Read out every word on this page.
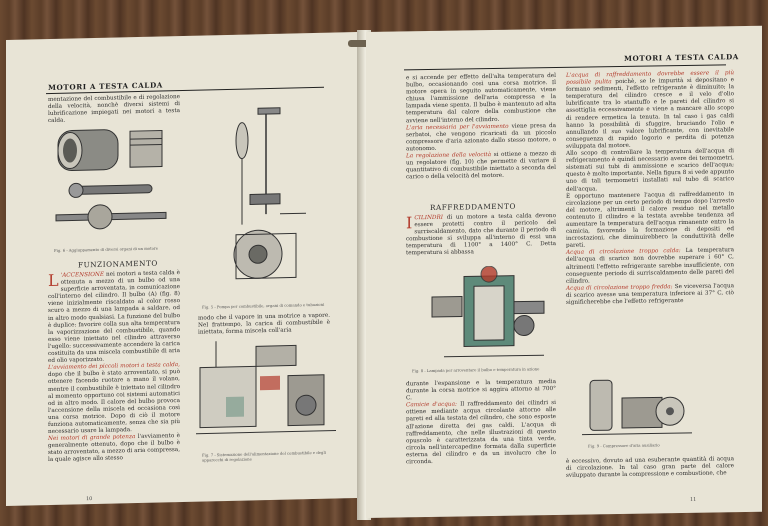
MOTORI A TESTA CALDA

mentazione del combustibile e di regolazione della velocità, nonchè diversi sistemi di lubrificazione impiegati nei motori a testa calda.

Fig. 6 - Aggiuppamento di diversi organi di un motore
FUNZIONAMENTO

L 'ACCENSIONE nei motori a testa calda è ottenuta a mezzo di un bulbo od una superficie arroventata, in comunicazione coll'interno del cilindro. Il bulbo (A) (fig. 8) viene inizialmente riscaldato al color rosso scuro a mezzo di una lampada a saldare, od in altro modo qualsiasi. La funzione del bulbo è duplice: favorire colla sua alta temperatura la vaporizzazione del combustibile, quando esso viene iniettato nel cilindro attraverso l'ugello: successivamente accendere la carica costituita da una miscela combustibile di aria ed olio vaporizzato.

L'avviamento dei piccoli motori a testa calda, dopo che il bulbo è stato arroventato, si può ottenere facendo ruotare a mano il volano, mentre il combustibile è iniettato nel cilindro al momento opportuno coi sistemi automatici od in altro modo. Il calore del bulbo provoca l'accensione della miscela ed occasiona così una corsa motrice. Dopo di ciò il motore funziona automaticamente, senza che sia più necessario usare la lampada.

Nei motori di grande potenza l'avviamento è generalmente ottenuto, dopo che il bulbo è stato arroventato, a mezzo di aria compressa, la quale agisce allo stesso

Fig. 5 - Pompa per combustibile, organi di comando e tubazioni

modo che il vapore in una motrice a vapore. Nel frattempo, la carica di combustibile è iniettata, forma miscela coll'aria

Fig. 7 - Sistemazione dell'alimentazione del combustibile e degli apparecchi di regolazione
10
MOTORI A TESTA CALDA

e si accende per effetto dell'alta temperatura del bulbo, occasionando così una corsa motrice. Il motore opera in seguito automaticamente, viene chiusa l'ammissione dell'aria compressa e la lampada viene spenta. Il bulbo è mantenuto ad alta temperatura dal calore della combustione che avviene nell'interno del cilindro.

L'aria necessaria per l'avviamento viene presa da serbatoi, che vengono ricaricati da un piccolo compressore d'aria azionato dallo stesso motore, o autonomo.

La regolazione della velocità si ottiene a mezzo di un regolatore (fig. 10) che permette di variare il quantitativo di combustibile iniettato a seconda del carico o della velocità del motore.

RAFFREDDAMENTO

ICILINDRI di un motore a testa calda devono essere protetti contro il pericolo del surriscaldamento, dato che durante il periodo di combustione si sviluppa all'interno di essi una temperatura di 1100° a 1400° C. Detta temperatura si abbassa

Fig. 8 - Lampada per arroventare il bulbo e temperatura in azione

durante l'espansione e la temperatura media durante la corsa motrice si aggira attorno ai 700° C.

Camicie d'acqua: Il raffreddamento dei cilindri si ottiene mediante acqua circolante attorno alle pareti ed alla testata del cilindro, che sono esposte all'azione diretta dei gas caldi. L'acqua di raffreddamento, che nelle illustrazioni di questo opuscolo è caratterizzata da una tinta verde, circola nell'intercapedine formata dalla superficie esterna del cilindro e da un involucro che lo circonda.

L'acqua di raffreddamento dovrebbe essere il più possibile pulita poichè, se le impurità si depositano e formano sedimenti, l'effetto refrigerante è diminuito; la temperatura del cilindro cresce e il velo d'olio lubrificante tra lo stantuffo e le pareti del cilindro si assottiglia eccessivamente e viene a mancare allo scopo di rendere ermetica la tenuta. In tal caso i gas caldi hanno la possibilità di sfuggire, bruciando l'olio e annullando il suo valore lubrificante, con inevitabile conseguenza di rapido logorio e perdita di potenza sviluppata dal motore.

Allo scopo di controllare la temperatura dell'acqua di refrigeramento è quindi necessario avere dei termometri, sistemati sui tubi di ammissione e scarico dell'acqua; questo è molto importante. Nella figura 8 si vede appunto uno di tali termometri installati sul tubo di scarico dell'acqua.

È opportuno mantenere l'acqua di raffreddamento in circolazione per un certo periodo di tempo dopo l'arresto del motore, altrimenti il calore residuo nel metallo contenuto il cilindro e la testata avrebbe tendenza ad aumentare la temperatura dell'acqua rimanente entro la camicia, favorendo la formazione di depositi ed incrostazioni, che diminuirebbero la conduttività delle pareti.

Acqua di circolazione troppo calda: La temperatura dell'acqua di scarico non dovrebbe superare i 60° C, altrimenti l'effetto refrigerante sarebbe insufficiente, con conseguente periodo di surriscaldamento delle pareti del cilindro.

Acqua di circolazione troppo fredda: Se viceversa l'acqua di scarico avesse una temperatura inferiore ai 37° C, ciò significherebbe che l'effetto refrigerante

Fig. 9 - Compressore d'aria ausiliario

è eccessivo, dovuto ad una esuberante quantità di acqua di circolazione. In tal caso gran parte del calore sviluppato durante la compressione e combustione, che

11
